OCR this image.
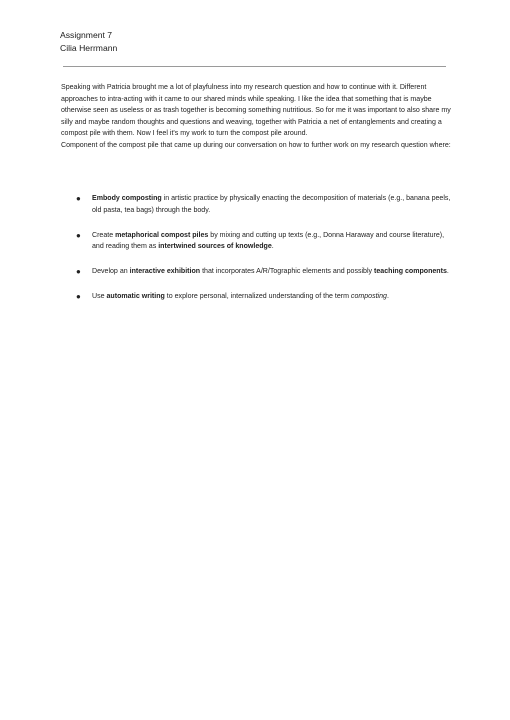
Assignment 7
Cilia Herrmann

Speaking with Patricia brought me a lot of playfulness into my research question and how to continue with it. Different approaches to intra-acting with it came to our shared minds while speaking. I like the idea that something that is maybe otherwise seen as useless or as trash together is becoming something nutritious. So for me it was important to also share my silly and maybe random thoughts and questions and weaving, together with Patricia a net of entanglements and creating a compost pile with them. Now I feel it's my work to turn the compost pile around.

Component of the compost pile that came up during our conversation on how to further work on my research question where:

● Embody composting in artistic practice by physically enacting the decomposition of materials (e.g., banana peels, old pasta, tea bags) through the body.
● Create metaphorical compost piles by mixing and cutting up texts (e.g., Donna Haraway and course literature), and reading them as intertwined sources of knowledge.
● Develop an interactive exhibition that incorporates A/R/Tographic elements and possibly teaching components.
● Use automatic writing to explore personal, internalized understanding of the term composting.
